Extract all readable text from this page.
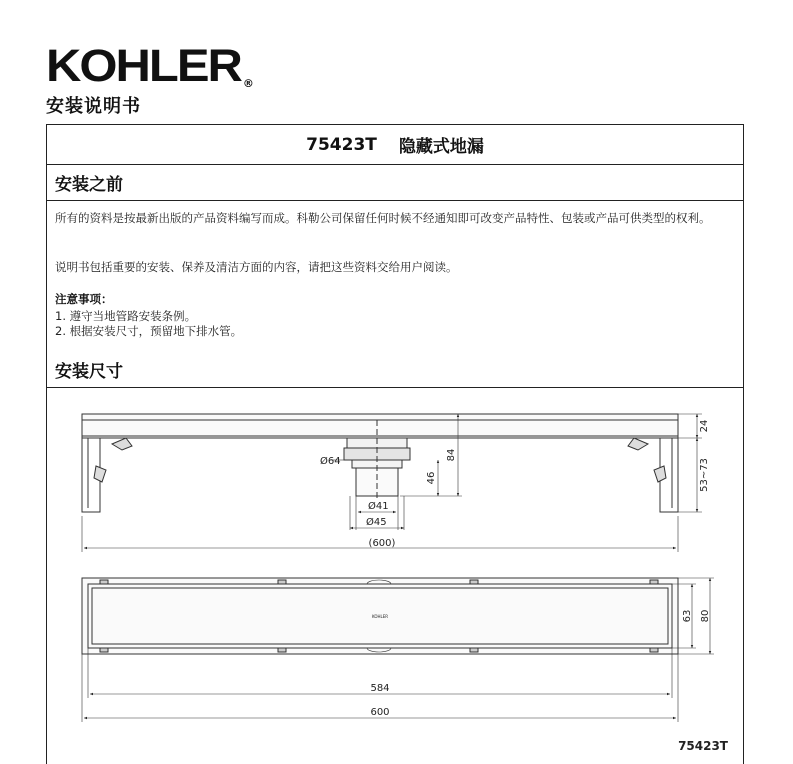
KOHLER ®
安装说明书
Ø64
46
84
Ø41
Ø45
24
53~73
(600)
KOHLER
584
600
63 80
75423T
75423T 隐藏式地漏
安装之前
所有的资料是按最新出版的产品资料编写而成。科勒公司保留任何时候不经通知即可改变产品特性、包装或产品可供类型的权利。
说明书包括重要的安装、保养及清洁方面的内容，请把这些资料交给用户阅读。
注意事项：
1. 遵守当地管路安装条例。
2. 根据安装尺寸，预留地下排水管。
安装尺寸
